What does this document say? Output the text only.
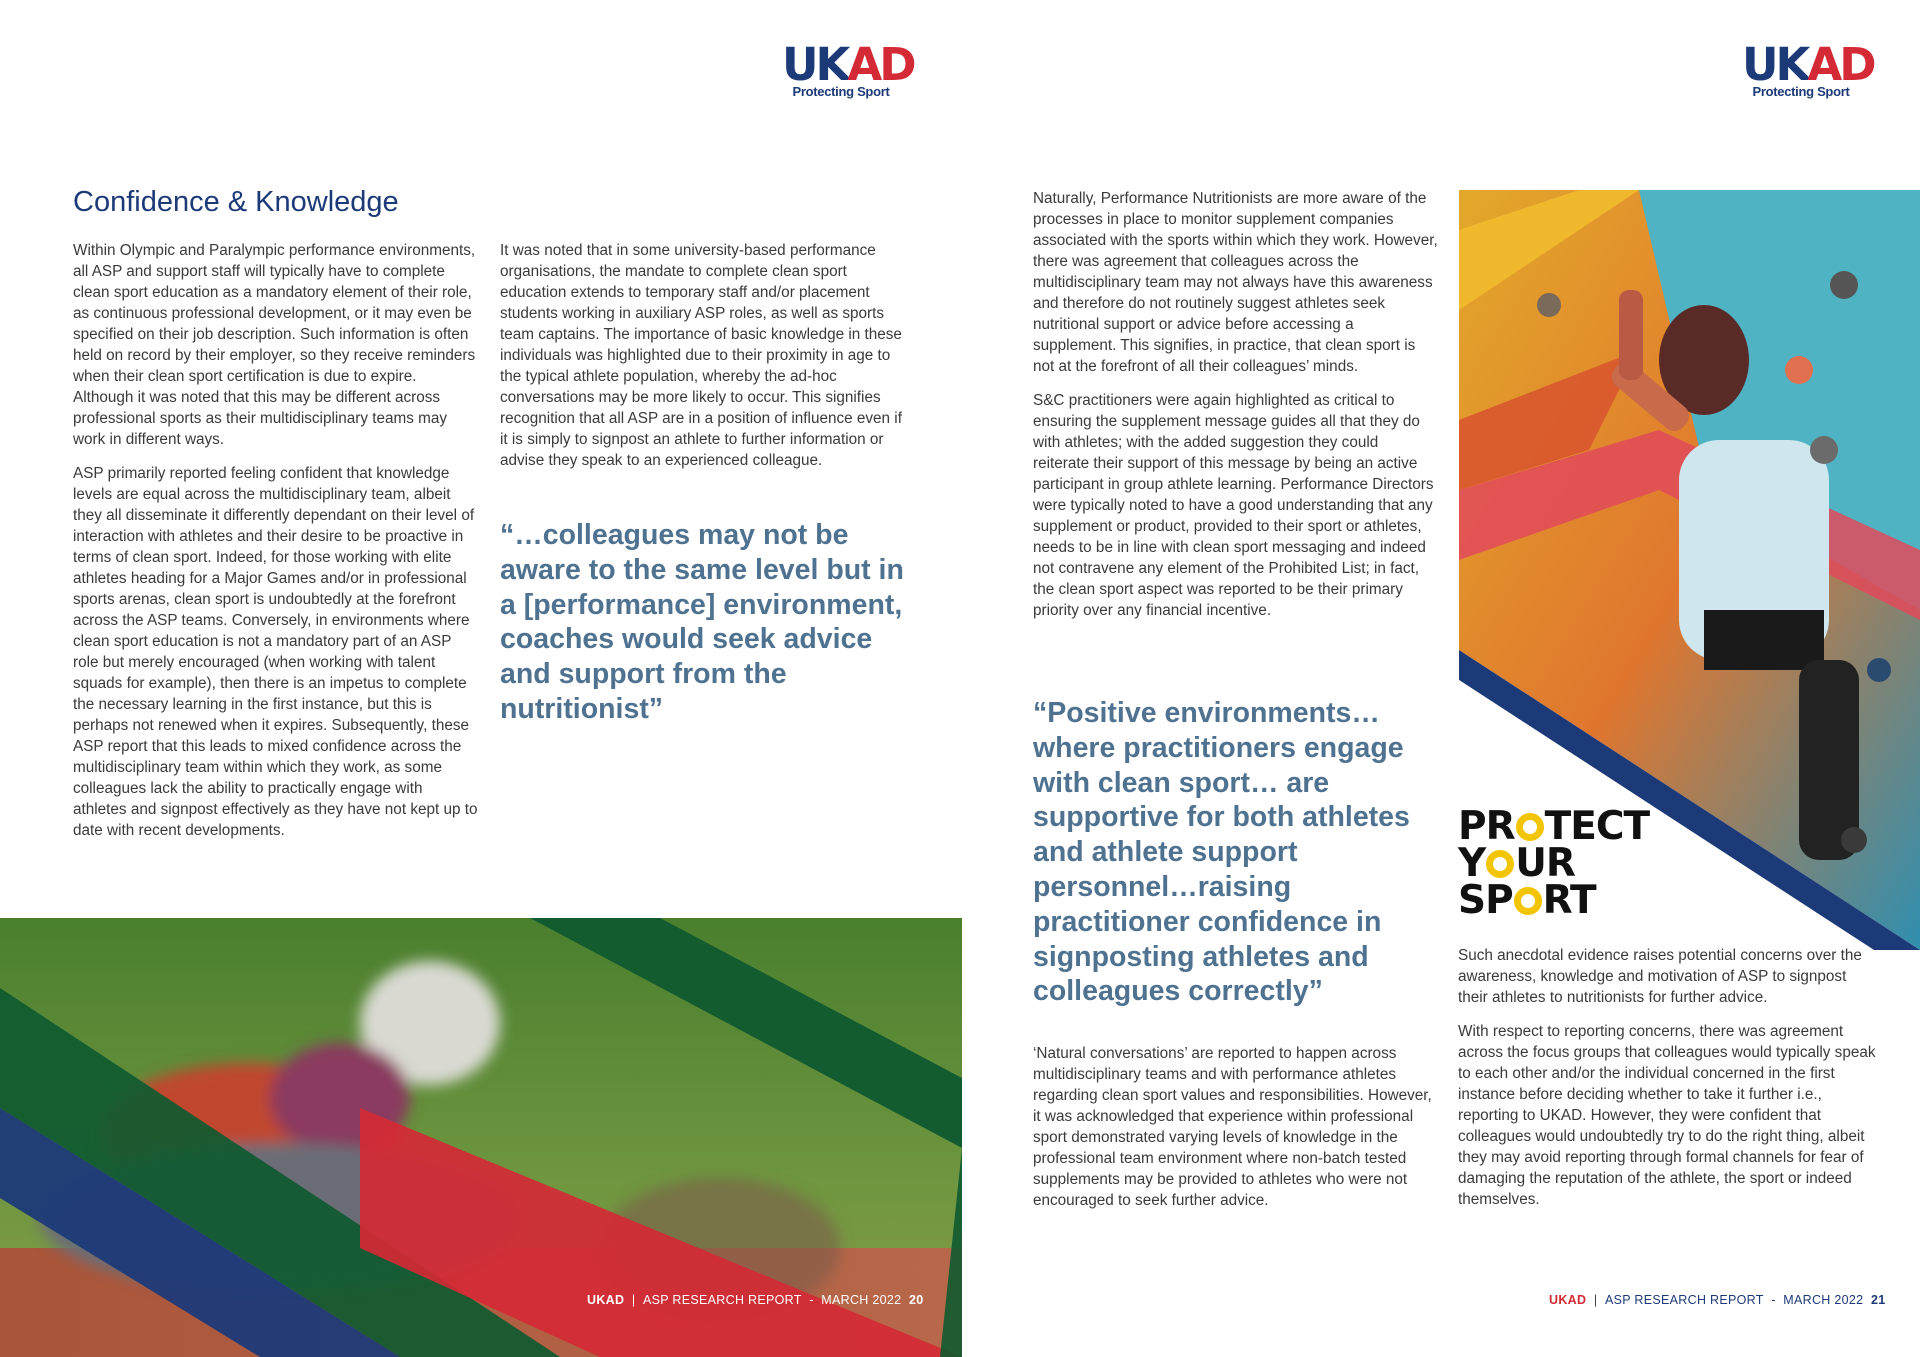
UKAD
Protecting Sport
Confidence & Knowledge

Within Olympic and Paralympic performance environments, all ASP and support staff will typically have to complete clean sport education as a mandatory element of their role, as continuous professional development, or it may even be specified on their job description. Such information is often held on record by their employer, so they receive reminders when their clean sport certification is due to expire. Although it was noted that this may be different across professional sports as their multidisciplinary teams may work in different ways.

ASP primarily reported feeling confident that knowledge levels are equal across the multidisciplinary team, albeit they all disseminate it differently dependant on their level of interaction with athletes and their desire to be proactive in terms of clean sport. Indeed, for those working with elite athletes heading for a Major Games and/or in professional sports arenas, clean sport is undoubtedly at the forefront across the ASP teams. Conversely, in environments where clean sport education is not a mandatory part of an ASP role but merely encouraged (when working with talent squads for example), then there is an impetus to complete the necessary learning in the first instance, but this is perhaps not renewed when it expires. Subsequently, these ASP report that this leads to mixed confidence across the multidisciplinary team within which they work, as some colleagues lack the ability to practically engage with athletes and signpost effectively as they have not kept up to date with recent developments.

It was noted that in some university-based performance organisations, the mandate to complete clean sport education extends to temporary staff and/or placement students working in auxiliary ASP roles, as well as sports team captains. The importance of basic knowledge in these individuals was highlighted due to their proximity in age to the typical athlete population, whereby the ad-hoc conversations may be more likely to occur. This signifies recognition that all ASP are in a position of influence even if it is simply to signpost an athlete to further information or advise they speak to an experienced colleague.

“…colleagues may not be aware to the same level but in a [performance] environment, coaches would seek advice and support from the nutritionist”
UKAD | ASP RESEARCH REPORT - MARCH 2022 20
UKAD
Protecting Sport

Naturally, Performance Nutritionists are more aware of the processes in place to monitor supplement companies associated with the sports within which they work. However, there was agreement that colleagues across the multidisciplinary team may not always have this awareness and therefore do not routinely suggest athletes seek nutritional support or advice before accessing a supplement. This signifies, in practice, that clean sport is not at the forefront of all their colleagues’ minds.

S&C practitioners were again highlighted as critical to ensuring the supplement message guides all that they do with athletes; with the added suggestion they could reiterate their support of this message by being an active participant in group athlete learning. Performance Directors were typically noted to have a good understanding that any supplement or product, provided to their sport or athletes, needs to be in line with clean sport messaging and indeed not contravene any element of the Prohibited List; in fact, the clean sport aspect was reported to be their primary priority over any financial incentive.

“Positive environments… where practitioners engage with clean sport… are supportive for both athletes and athlete support personnel…raising practitioner confidence in signposting athletes and colleagues correctly”

‘Natural conversations’ are reported to happen across multidisciplinary teams and with performance athletes regarding clean sport values and responsibilities. However, it was acknowledged that experience within professional sport demonstrated varying levels of knowledge in the professional team environment where non-batch tested supplements may be provided to athletes who were not encouraged to seek further advice.

PR TECT
Y UR
SP RT

Such anecdotal evidence raises potential concerns over the awareness, knowledge and motivation of ASP to signpost their athletes to nutritionists for further advice.

With respect to reporting concerns, there was agreement across the focus groups that colleagues would typically speak to each other and/or the individual concerned in the first instance before deciding whether to take it further i.e., reporting to UKAD. However, they were confident that colleagues would undoubtedly try to do the right thing, albeit they may avoid reporting through formal channels for fear of damaging the reputation of the athlete, the sport or indeed themselves.

UKAD | ASP RESEARCH REPORT - MARCH 2022 21
